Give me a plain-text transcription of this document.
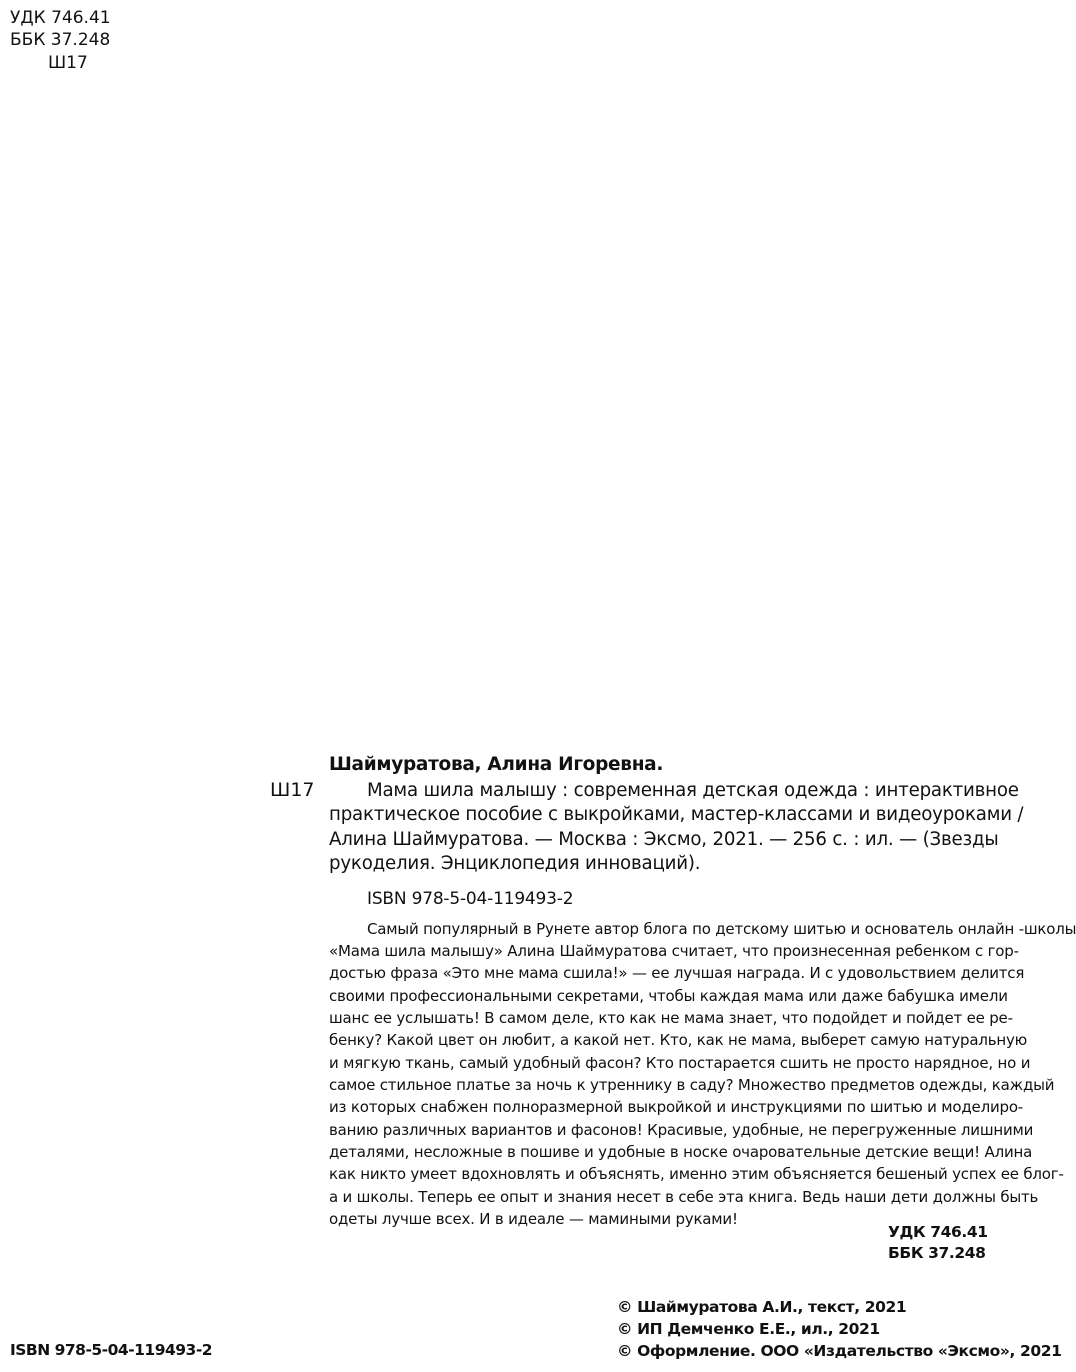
УДК 746.41
ББК 37.248
Ш17
Шаймуратова, Алина Игоревна.
Ш17	Мама шила малышу : современная детская одежда : интерактивное
практическое пособие с выкройками, мастер-классами и видеоуроками /
Алина Шаймуратова. — Москва : Эксмо, 2021. — 256 с. : ил. — (Звезды
рукоделия. Энциклопедия инноваций).
ISBN 978-5-04-119493-2
Самый популярный в Рунете автор блога по детскому шитью и основатель онлайн -школы
«Мама шила малышу» Алина Шаймуратова считает, что произнесенная ребенком с гор-
достью фраза «Это мне мама сшила!» — ее лучшая награда. И с удовольствием делится
своими профессиональными секретами, чтобы каждая мама или даже бабушка имели
шанс ее услышать! В самом деле, кто как не мама знает, что подойдет и пойдет ее ре-
бенку? Какой цвет он любит, а какой нет. Кто, как не мама, выберет самую натуральную
и мягкую ткань, самый удобный фасон? Кто постарается сшить не просто нарядное, но и
самое стильное платье за ночь к утреннику в саду? Множество предметов одежды, каждый
из которых снабжен полноразмерной выкройкой и инструкциями по шитью и моделиро-
ванию различных вариантов и фасонов! Красивые, удобные, не перегруженные лишними
деталями, несложные в пошиве и удобные в носке очаровательные детские вещи! Алина
как никто умеет вдохновлять и объяснять, именно этим объясняется бешеный успех ее блог-
а и школы. Теперь ее опыт и знания несет в себе эта книга. Ведь наши дети должны быть
одеты лучше всех. И в идеале — мамиными руками!
УДК 746.41
ББК 37.248
© Шаймуратова А.И., текст, 2021
© ИП Демченко Е.Е., ил., 2021
© Оформление. ООО «Издательство «Эксмо», 2021
ISBN 978-5-04-119493-2
